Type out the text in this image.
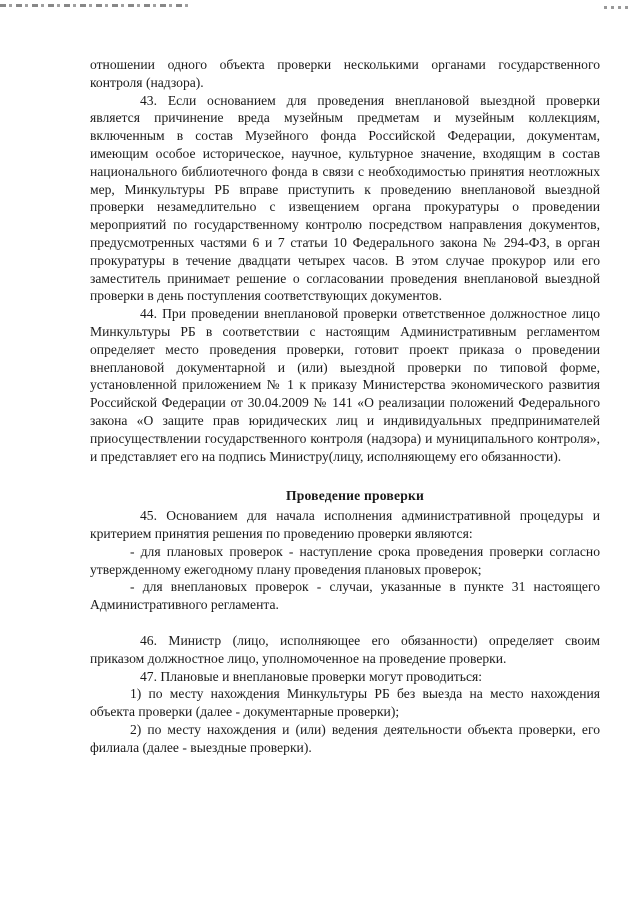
отношении одного объекта проверки несколькими органами государственного контроля (надзора).

43. Если основанием для проведения внеплановой выездной проверки является причинение вреда музейным предметам и музейным коллекциям, включенным в состав Музейного фонда Российской Федерации, документам, имеющим особое историческое, научное, культурное значение, входящим в состав национального библиотечного фонда в связи с необходимостью принятия неотложных мер, Минкультуры РБ вправе приступить к проведению внеплановой выездной проверки незамедлительно с извещением органа прокуратуры о проведении мероприятий по государственному контролю посредством направления документов, предусмотренных частями 6 и 7 статьи 10 Федерального закона № 294-ФЗ, в орган прокуратуры в течение двадцати четырех часов. В этом случае прокурор или его заместитель принимает решение о согласовании проведения внеплановой выездной проверки в день поступления соответствующих документов.

44. При проведении внеплановой проверки ответственное должностное лицо Минкультуры РБ в соответствии с настоящим Административным регламентом определяет место проведения проверки, готовит проект приказа о проведении внеплановой документарной и (или) выездной проверки по типовой форме, установленной приложением № 1 к приказу Министерства экономического развития Российской Федерации от 30.04.2009 № 141 «О реализации положений Федерального закона «О защите прав юридических лиц и индивидуальных предпринимателей приосуществлении государственного контроля (надзора) и муниципального контроля», и представляет его на подпись Министру(лицу, исполняющему его обязанности).

Проведение проверки

45. Основанием для начала исполнения административной процедуры и критерием принятия решения по проведению проверки являются:

- для плановых проверок - наступление срока проведения проверки согласно утвержденному ежегодному плану проведения плановых проверок;

- для внеплановых проверок - случаи, указанные в пункте 31 настоящего Административного регламента.

46. Министр (лицо, исполняющее его обязанности) определяет своим приказом должностное лицо, уполномоченное на проведение проверки.

47. Плановые и внеплановые проверки могут проводиться:

1) по месту нахождения Минкультуры РБ без выезда на место нахождения объекта проверки (далее - документарные проверки);

2) по месту нахождения и (или) ведения деятельности объекта проверки, его филиала (далее - выездные проверки).
